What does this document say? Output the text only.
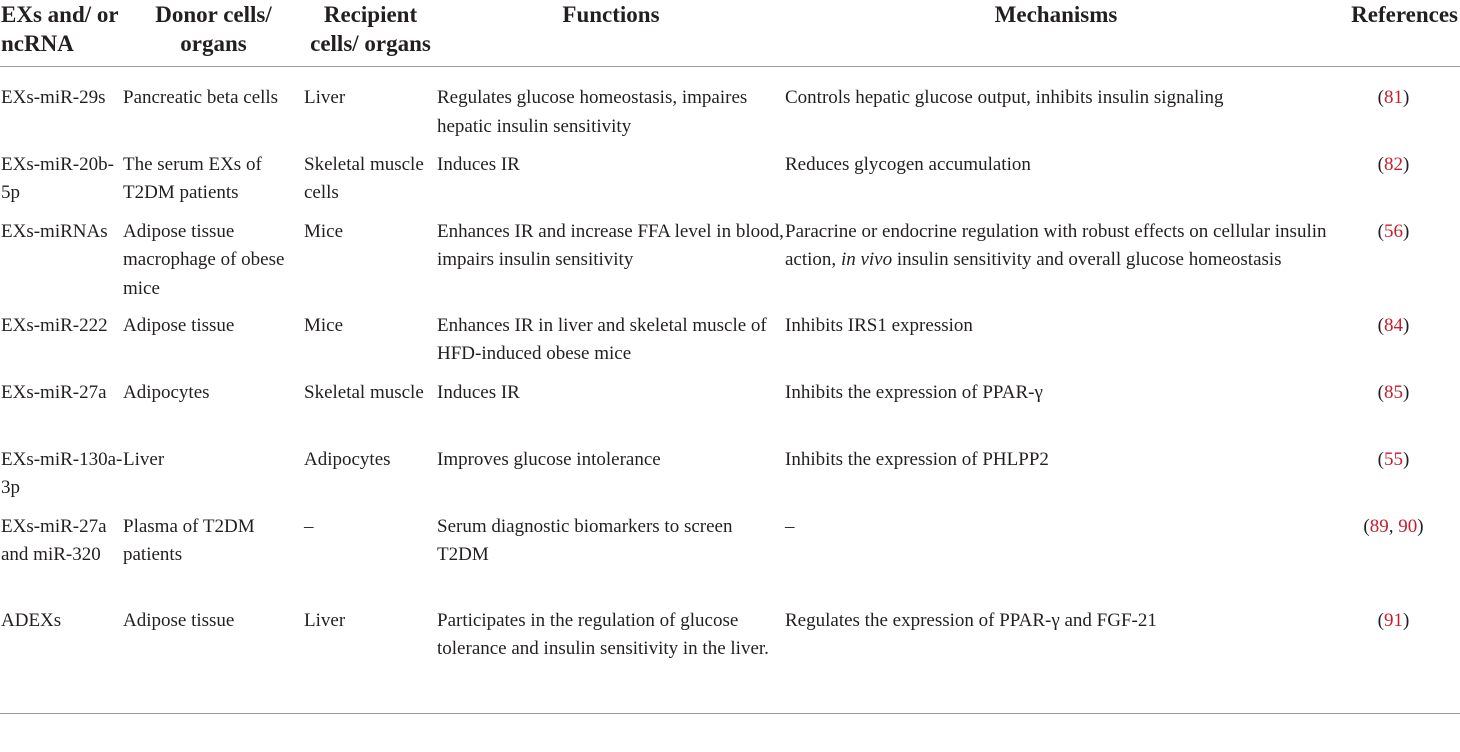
EXs and/ or ncRNA	Donor cells/ organs	Recipient cells/ organs	Functions	Mechanisms	References
EXs-miR-29s	Pancreatic beta cells	Liver	Regulates glucose homeostasis, impaires hepatic insulin sensitivity	Controls hepatic glucose output, inhibits insulin signaling	(81)
EXs-miR-20b-5p	The serum EXs of T2DM patients	Skeletal muscle cells	Induces IR	Reduces glycogen accumulation	(82)
EXs-miRNAs	Adipose tissue macrophage of obese mice	Mice	Enhances IR and increase FFA level in blood, impairs insulin sensitivity	Paracrine or endocrine regulation with robust effects on cellular insulin action, in vivo insulin sensitivity and overall glucose homeostasis	(56)
EXs-miR-222	Adipose tissue	Mice	Enhances IR in liver and skeletal muscle of HFD-induced obese mice	Inhibits IRS1 expression	(84)
EXs-miR-27a	Adipocytes	Skeletal muscle	Induces IR	Inhibits the expression of PPAR-γ	(85)
EXs-miR-130a-3p	Liver	Adipocytes	Improves glucose intolerance	Inhibits the expression of PHLPP2	(55)
EXs-miR-27a and miR-320	Plasma of T2DM patients	–	Serum diagnostic biomarkers to screen T2DM	–	(89, 90)
ADEXs	Adipose tissue	Liver	Participates in the regulation of glucose tolerance and insulin sensitivity in the liver.	Regulates the expression of PPAR-γ and FGF-21	(91)
